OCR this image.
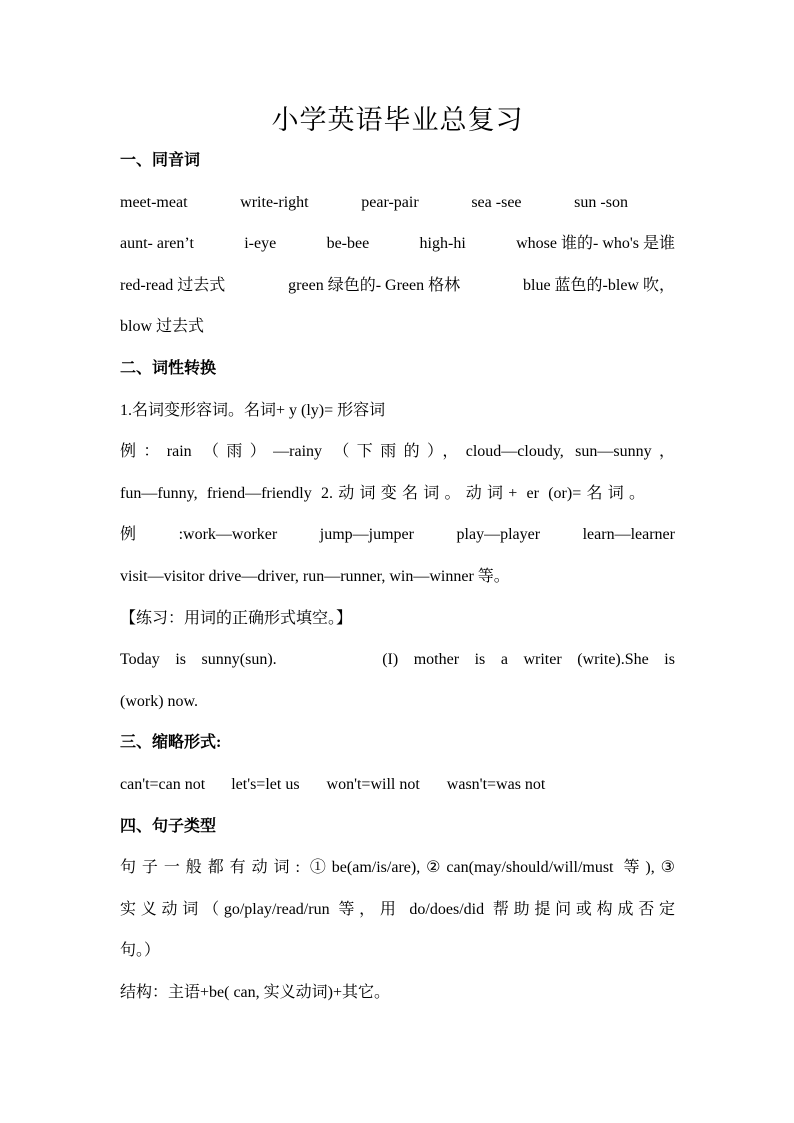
小学英语毕业总复习
一、同音词
meet-meat	write-right	pear-pair	sea -see	sun -son
aunt- aren’t	i-eye	be-bee	high-hi	whose 谁的- who's 是谁
red-read 过去式	green 绿色的- Green 格林	blue 蓝色的-blew 吹，
blow 过去式
二、词性转换
1.名词变形容词。名词+ y (ly)= 形容词
例：rain （雨）—rainy （下雨的），cloud—cloudy, sun—sunny，
fun—funny, friend—friendly 2.动词变名词。动词+ er (or)=名词。
例	:work—worker	jump—jumper	play—player	learn—learner
visit—visitor drive—driver, run—runner, win—winner 等。
【练习：用词的正确形式填空。】
Today is sunny(sun).	(I) mother is a writer (write).She is
(work) now.
三、缩略形式:
can't=can not let's=let us won't=will not wasn't=was not
四、句子类型
句子一般都有动词: ①be(am/is/are),②can(may/should/will/must 等),③
实义动词（go/play/read/run 等，用 do/does/did 帮助提问或构成否定
句。）
结构：主语+be( can, 实义动词)+其它。
